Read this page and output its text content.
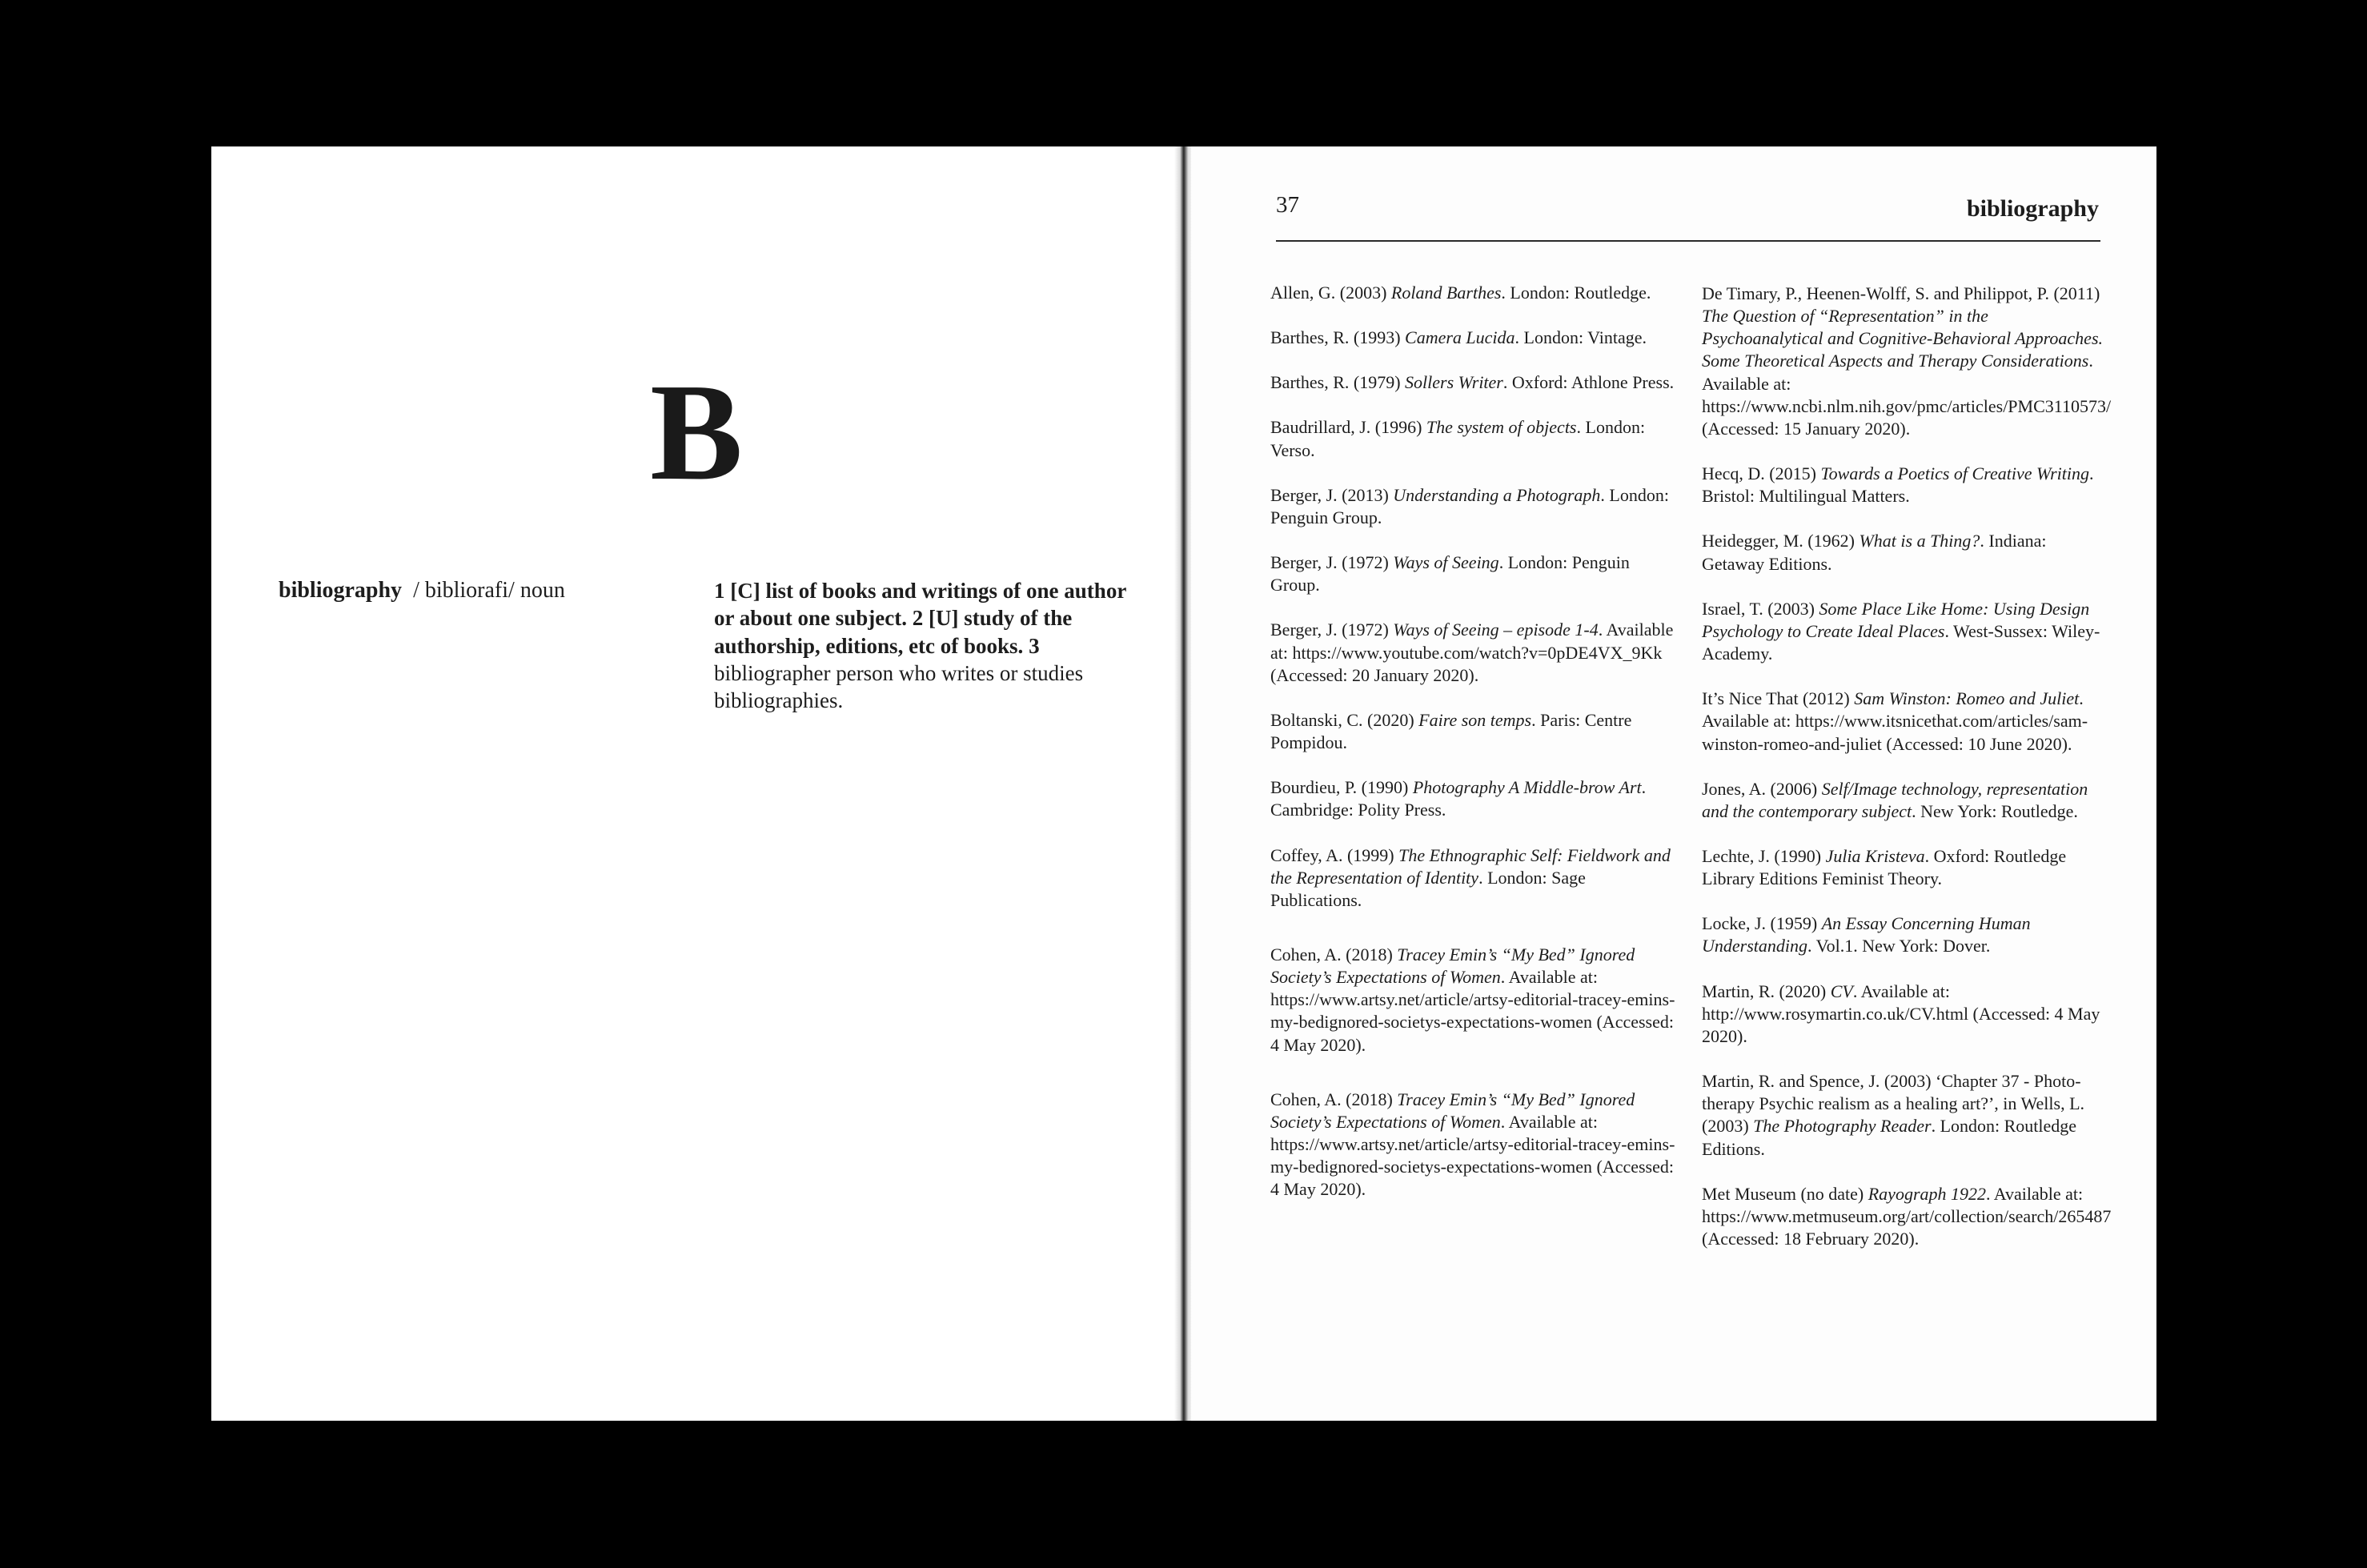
B
bibliography / bibliorafi/ noun	1 [C] list of books and writings of one author or about one subject. 2 [U] study of the authorship, editions, etc of books. 3 bibliographer person who writes or studies bibliographies.
37	bibliography

Allen, G. (2003) Roland Barthes. London: Routledge.

Barthes, R. (1993) Camera Lucida. London: Vintage.

Barthes, R. (1979) Sollers Writer. Oxford: Athlone Press.

Baudrillard, J. (1996) The system of objects. London: Verso.

Berger, J. (2013) Understanding a Photograph. London: Penguin Group.

Berger, J. (1972) Ways of Seeing. London: Penguin Group.

Berger, J. (1972) Ways of Seeing – episode 1-4. Available at: https://www.youtube.com/watch?v=0pDE4VX_9Kk (Accessed: 20 January 2020).

Boltanski, C. (2020) Faire son temps. Paris: Centre Pompidou.

Bourdieu, P. (1990) Photography A Middle-brow Art. Cambridge: Polity Press.

Coffey, A. (1999) The Ethnographic Self: Fieldwork and the Representation of Identity. London: Sage Publications.

Cohen, A. (2018) Tracey Emin’s “My Bed” Ignored Society’s Expectations of Women. Available at: https://www.artsy.net/article/artsy-editorial-tracey-emins-my-bedignored-societys-expectations-women (Accessed: 4 May 2020).

Cohen, A. (2018) Tracey Emin’s “My Bed” Ignored Society’s Expectations of Women. Available at: https://www.artsy.net/article/artsy-editorial-tracey-emins-my-bedignored-societys-expectations-women (Accessed: 4 May 2020).

De Timary, P., Heenen-Wolff, S. and Philippot, P. (2011) The Question of “Representation” in the Psychoanalytical and Cognitive-Behavioral Approaches. Some Theoretical Aspects and Therapy Considerations. Available at: https://www.ncbi.nlm.nih.gov/pmc/articles/PMC3110573/ (Accessed: 15 January 2020).

Hecq, D. (2015) Towards a Poetics of Creative Writing. Bristol: Multilingual Matters.

Heidegger, M. (1962) What is a Thing?. Indiana: Getaway Editions.

Israel, T. (2003) Some Place Like Home: Using Design Psychology to Create Ideal Places. West-Sussex: Wiley-Academy.

It’s Nice That (2012) Sam Winston: Romeo and Juliet. Available at: https://www.itsnicethat.com/articles/sam-winston-romeo-and-juliet (Accessed: 10 June 2020).

Jones, A. (2006) Self/Image technology, representation and the contemporary subject. New York: Routledge.

Lechte, J. (1990) Julia Kristeva. Oxford: Routledge Library Editions Feminist Theory.

Locke, J. (1959) An Essay Concerning Human Understanding. Vol.1. New York: Dover.

Martin, R. (2020) CV. Available at: http://www.rosymartin.co.uk/CV.html (Accessed: 4 May 2020).

Martin, R. and Spence, J. (2003) ‘Chapter 37 - Photo-therapy Psychic realism as a healing art?’, in Wells, L. (2003) The Photography Reader. London: Routledge Editions.

Met Museum (no date) Rayograph 1922. Available at: https://www.metmuseum.org/art/collection/search/265487 (Accessed: 18 February 2020).
